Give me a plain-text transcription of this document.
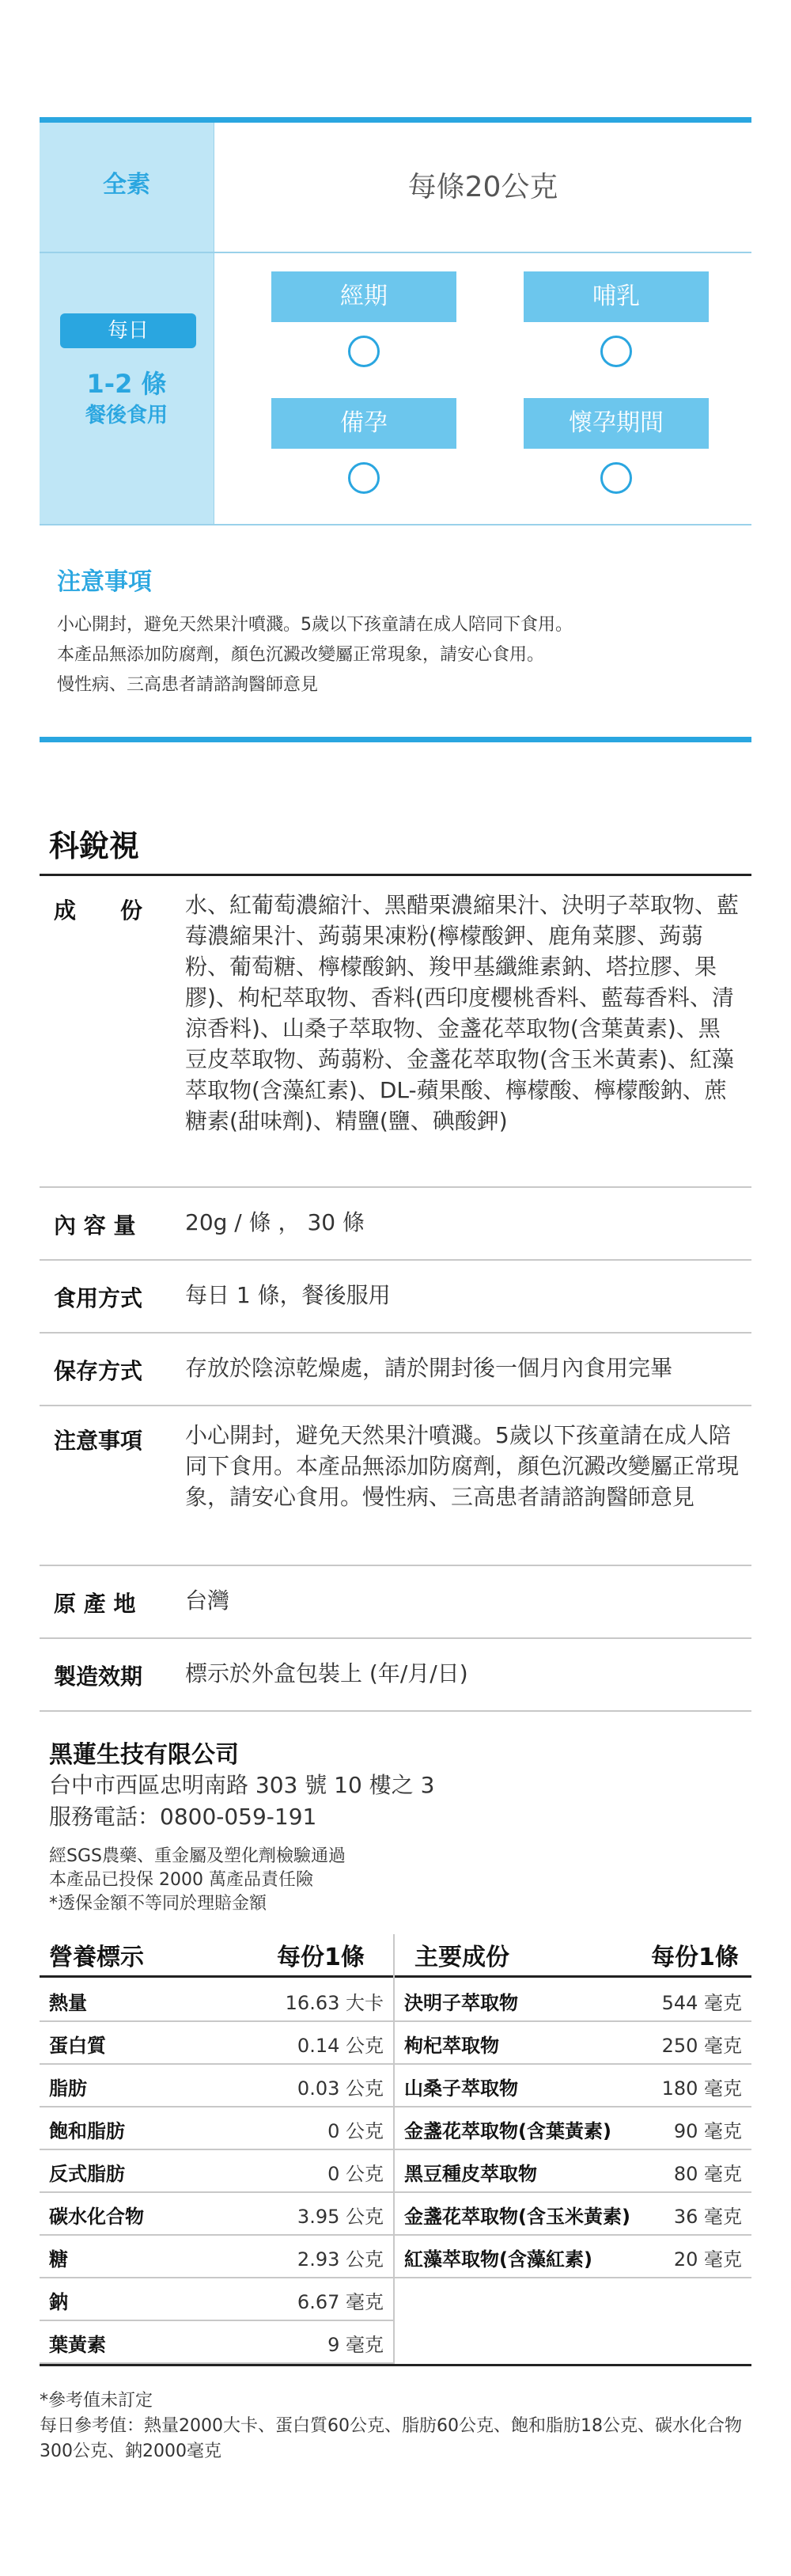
全素	每條20公克
每日
1-2 條
餐後食用
經期	哺乳
備孕	懷孕期間
注意事項
小心開封，避免天然果汁噴濺。5歲以下孩童請在成人陪同下食用。
本產品無添加防腐劑，顏色沉澱改變屬正常現象，請安心食用。
慢性病、三高患者請諮詢醫師意見
科銳視
成　　份 水、紅葡萄濃縮汁、黑醋栗濃縮果汁、決明子萃取物、藍莓濃縮果汁、蒟蒻果凍粉(檸檬酸鉀、鹿角菜膠、蒟蒻粉、葡萄糖、檸檬酸鈉、羧甲基纖維素鈉、塔拉膠、果膠)、枸杞萃取物、香料(西印度櫻桃香料、藍莓香料、清涼香料)、山桑子萃取物、金盞花萃取物(含葉黃素)、黑豆皮萃取物、蒟蒻粉、金盞花萃取物(含玉米黃素)、紅藻萃取物(含藻紅素)、DL-蘋果酸、檸檬酸、檸檬酸鈉、蔗糖素(甜味劑)、精鹽(鹽、碘酸鉀)
內 容 量 20g / 條 ， 30 條
食用方式 每日 1 條，餐後服用
保存方式 存放於陰涼乾燥處，請於開封後一個月內食用完畢
注意事項 小心開封，避免天然果汁噴濺。5歲以下孩童請在成人陪同下食用。本產品無添加防腐劑，顏色沉澱改變屬正常現象，請安心食用。慢性病、三高患者請諮詢醫師意見
原 產 地 台灣
製造效期 標示於外盒包裝上 (年/月/日)
黑蓮生技有限公司
台中市西區忠明南路 303 號 10 樓之 3
服務電話：0800-059-191
經SGS農藥、重金屬及塑化劑檢驗通過
本產品已投保 2000 萬產品責任險
*透保金額不等同於理賠金額
營養標示	每份1條 主要成份	每份1條
熱量	16.63 大卡
蛋白質	0.14 公克
脂肪	0.03 公克
飽和脂肪	0 公克
反式脂肪	0 公克
碳水化合物	3.95 公克
糖	2.93 公克
鈉	6.67 毫克
葉黃素	9 毫克
決明子萃取物	544 毫克
枸杞萃取物	250 毫克
山桑子萃取物	180 毫克
金盞花萃取物(含葉黃素)	90 毫克
黑豆種皮萃取物	80 毫克
金盞花萃取物(含玉米黃素) 36 毫克
紅藻萃取物(含藻紅素)	20 毫克
*參考值未訂定
每日參考值：熱量2000大卡、蛋白質60公克、脂肪60公克、飽和脂肪18公克、碳水化合物300公克、鈉2000毫克
